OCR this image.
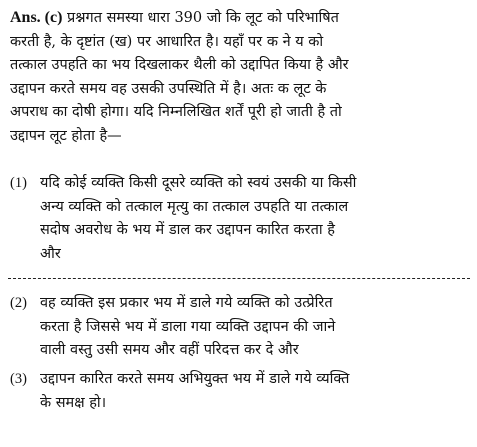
Ans. (c) प्रश्नगत समस्या धारा 390 जो कि लूट को परिभाषित
करती है, के दृष्टांत (ख) पर आधारित है। यहाँ पर क ने य को
तत्काल उपहति का भय दिखलाकर थैली को उद्दापित किया है और
उद्दापन करते समय वह उसकी उपस्थिति में है। अतः क लूट के
अपराध का दोषी होगा। यदि निम्नलिखित शर्तें पूरी हो जाती है तो
उद्दापन लूट होता है—
(1) यदि कोई व्यक्ति किसी दूसरे व्यक्ति को स्वयं उसकी या किसी
अन्य व्यक्ति को तत्काल मृत्यु का तत्काल उपहति या तत्काल
सदोष अवरोध के भय में डाल कर उद्दापन कारित करता है
और
(2) वह व्यक्ति इस प्रकार भय में डाले गये व्यक्ति को उत्प्रेरित
करता है जिससे भय में डाला गया व्यक्ति उद्दापन की जाने
वाली वस्तु उसी समय और वहीं परिदत्त कर दे और
(3) उद्दापन कारित करते समय अभियुक्त भय में डाले गये व्यक्ति
के समक्ष हो।
